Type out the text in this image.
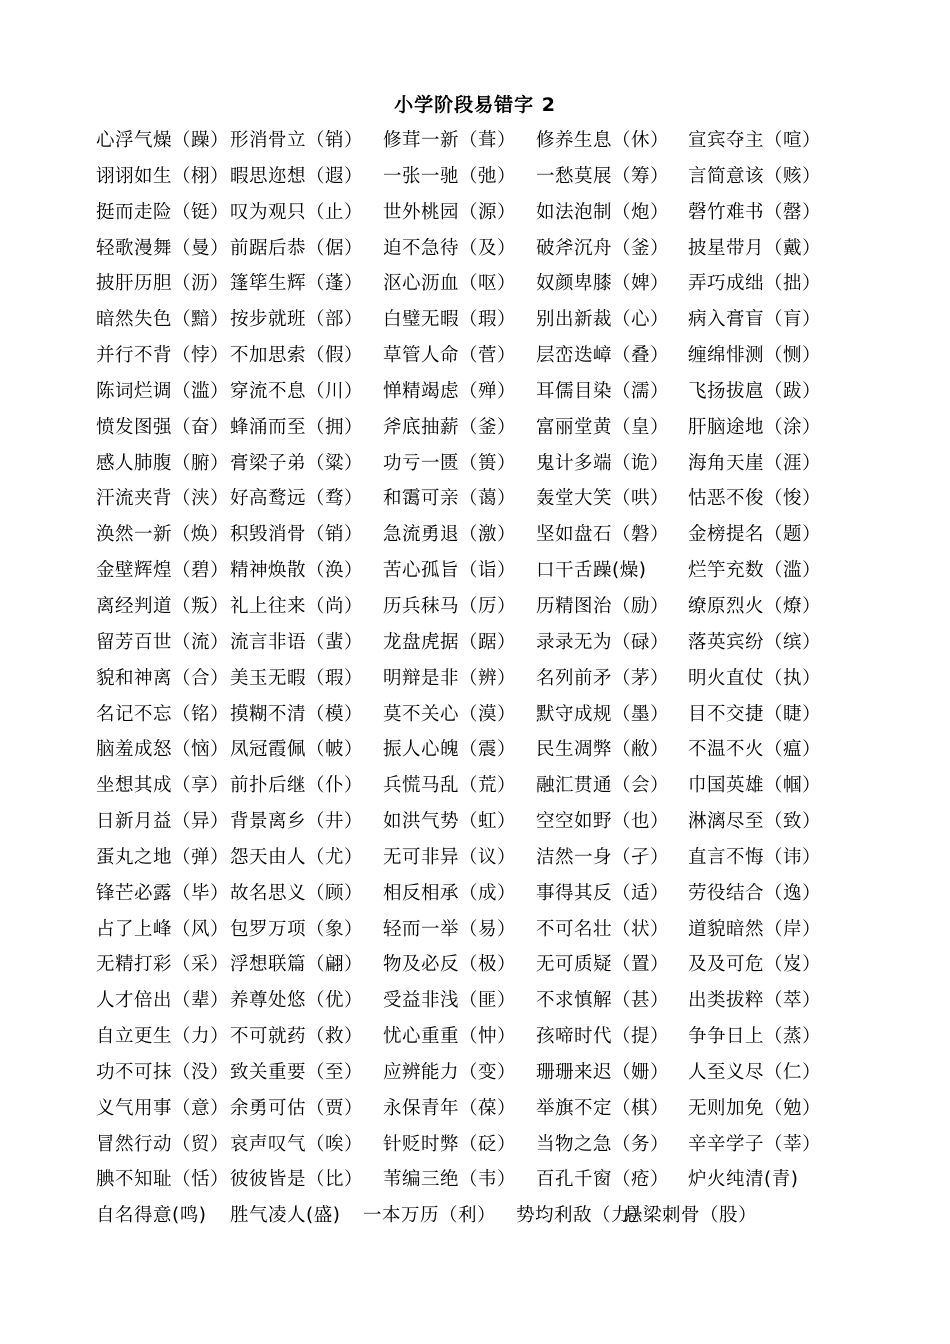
小学阶段易错字 2
心浮气燥（躁） 形消骨立（销） 修茸一新（葺） 修养生息（休） 宣宾夺主（喧）
诩诩如生（栩） 暇思迩想（遐） 一张一驰（弛） 一愁莫展（筹） 言简意该（赅）
挺而走险（铤） 叹为观只（止） 世外桃园（源） 如法泡制（炮） 磬竹难书（罄）
轻歌漫舞（曼） 前踞后恭（倨） 迫不急待（及） 破斧沉舟（釜） 披星带月（戴）
披肝历胆（沥） 篷筚生辉（蓬） 沤心沥血（呕） 奴颜卑膝（婢） 弄巧成绌（拙）
暗然失色（黯） 按步就班（部） 白璧无暇（瑕） 别出新裁（心） 病入膏盲（肓）
并行不背（悖） 不加思索（假） 草管人命（菅） 层峦迭嶂（叠） 缠绵悱测（恻）
陈词烂调（滥） 穿流不息（川） 惮精竭虑（殚） 耳儒目染（濡） 飞扬拔扈（跋）
愤发图强（奋） 蜂涌而至（拥） 斧底抽薪（釜） 富丽堂黄（皇） 肝脑途地（涂）
感人肺腹（腑） 膏梁子弟（粱） 功亏一匮（篑） 鬼计多端（诡） 海角天崖（涯）
汗流夹背（浃） 好高鹜远（骛） 和霭可亲（蔼） 轰堂大笑（哄） 怙恶不俊（悛）
涣然一新（焕） 积毁消骨（销） 急流勇退（激） 坚如盘石（磐） 金榜提名（题）
金壁辉煌（碧） 精神焕散（涣） 苦心孤旨（诣） 口干舌躁(燥) 烂竽充数（滥）
离经判道（叛） 礼上往来（尚） 历兵秣马（厉） 历精图治（励） 缭原烈火（燎）
留芳百世（流） 流言非语（蜚） 龙盘虎据（踞） 录录无为（碌） 落英宾纷（缤）
貌和神离（合） 美玉无暇（瑕） 明辩是非（辨） 名列前矛（茅） 明火直仗（执）
名记不忘（铭） 摸糊不清（模） 莫不关心（漠） 默守成规（墨） 目不交捷（睫）
脑羞成怒（恼） 凤冠霞佩（帔） 振人心魄（震） 民生凋弊（敝） 不温不火（瘟）
坐想其成（享） 前扑后继（仆） 兵慌马乱（荒） 融汇贯通（会） 巾国英雄（帼）
日新月益（异） 背景离乡（井） 如洪气势（虹） 空空如野（也） 淋漓尽至（致）
蛋丸之地（弹） 怨天由人（尤） 无可非异（议） 洁然一身（孑） 直言不悔（讳）
锋芒必露（毕） 故名思义（顾） 相反相承（成） 事得其反（适） 劳役结合（逸）
占了上峰（风） 包罗万项（象） 轻而一举（易） 不可名壮（状） 道貌暗然（岸）
无精打彩（采） 浮想联篇（翩） 物及必反（极） 无可质疑（置） 及及可危（岌）
人才倍出（辈） 养尊处悠（优） 受益非浅（匪） 不求慎解（甚） 出类拔粹（萃）
自立更生（力） 不可就药（救） 忧心重重（忡） 孩啼时代（提） 争争日上（蒸）
功不可抹（没） 致关重要（至） 应辨能力（变） 珊珊来迟（姗） 人至义尽（仁）
义气用事（意） 余勇可估（贾） 永保青年（葆） 举旗不定（棋） 无则加免（勉）
冒然行动（贸） 哀声叹气（唉） 针贬时弊（砭） 当物之急（务） 辛辛学子（莘）
腆不知耻（恬） 彼彼皆是（比） 苇编三绝（韦） 百孔千窗（疮） 炉火纯清(青)
自名得意(鸣) 胜气凌人(盛) 一本万历（利） 势均利敌（力）
悬梁刺骨（股）
